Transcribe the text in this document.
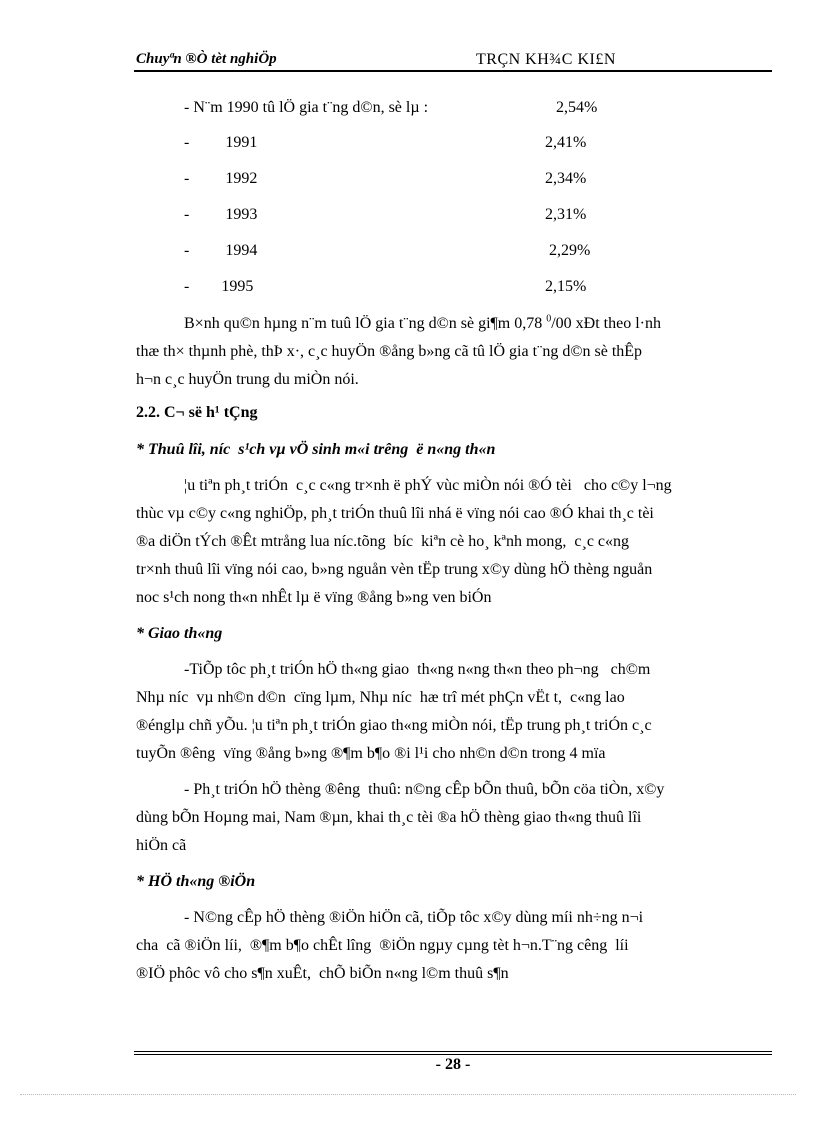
Chuyªn ®Ò tèt nghiÖp	TRÇN KH¾C KI£N
- N¨m 1990 tû lÖ gia t¨ng d©n, sè lµ :	2,54%
-         1991	2,41%
-         1992	2,34%
-         1993	2,31%
-         1994	2,29%
-        1995	2,15%
B×nh qu©n hµng n¨m tuû lÖ gia t¨ng d©n sè gi¶m 0,78 $^0$/00 xÐt theo l·nh
thæ th× thµnh phè, thÞ x·, c¸c huyÖn ®ång b»ng cã tû lÖ gia t¨ng d©n sè thÊp
h¬n c¸c huyÖn trung du miÒn nói.
2.2. C¬ së h¹ tÇng
* Thuû lîi, níc  s¹ch vµ vÖ sinh m«i trêng  ë n«ng th«n
¦u tiªn ph¸t triÓn  c¸c c«ng tr×nh ë phÝ vùc miÒn nói ®Ó tèi   cho c©y l¬ng
thùc vµ c©y c«ng nghiÖp, ph¸t triÓn thuû lîi nhá ë vïng nói cao ®Ó khai th¸c tèi
®a diÖn tÝch ®Êt mtrång lua níc.tõng  bíc  kiªn cè ho¸ kªnh mong,  c¸c c«ng
tr×nh thuû lîi vïng nói cao, b»ng nguån vèn tËp trung x©y dùng hÖ thèng nguån
noc s¹ch nong th«n nhÊt lµ ë vïng ®ång b»ng ven biÓn
* Giao th«ng
-TiÕp tôc ph¸t triÓn hÖ th«ng giao  th«ng n«ng th«n theo ph¬ng   ch©m
Nhµ níc  vµ nh©n d©n  cïng lµm, Nhµ níc  hæ trî mét phÇn vËt t,  c«ng lao
®énglµ chñ yÕu. ¦u tiªn ph¸t triÓn giao th«ng miÒn nói, tËp trung ph¸t triÓn c¸c
tuyÕn ®êng  vïng ®ång b»ng ®¶m b¶o ®i l¹i cho nh©n d©n trong 4 mïa
- Ph¸t triÓn hÖ thèng ®êng  thuû: n©ng cÊp bÕn thuû, bÕn cöa tiÒn, x©y
dùng bÕn Hoµng mai, Nam ®µn, khai th¸c tèi ®a hÖ thèng giao th«ng thuû lîi
hiÖn cã
* HÖ th«ng ®iÖn
- N©ng cÊp hÖ thèng ®iÖn hiÖn cã, tiÕp tôc x©y dùng míi nh÷ng n¬i
cha  cã ®iÖn líi,  ®¶m b¶o chÊt lîng  ®iÖn ngµy cµng tèt h¬n.T¨ng cêng  líi
®IÖ phôc vô cho s¶n xuÊt,  chÕ biÕn n«ng l©m thuû s¶n
- 28 -
